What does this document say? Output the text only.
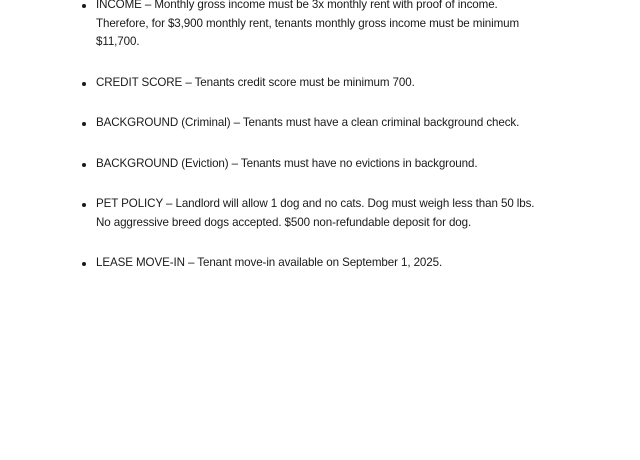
INCOME – Monthly gross income must be 3x monthly rent with proof of income. Therefore, for $3,900 monthly rent, tenants monthly gross income must be minimum $11,700.
CREDIT SCORE – Tenants credit score must be minimum 700.
BACKGROUND (Criminal) – Tenants must have a clean criminal background check.
BACKGROUND (Eviction) – Tenants must have no evictions in background.
PET POLICY – Landlord will allow 1 dog and no cats. Dog must weigh less than 50 lbs. No aggressive breed dogs accepted. $500 non-refundable deposit for dog.
LEASE MOVE-IN – Tenant move-in available on September 1, 2025.
